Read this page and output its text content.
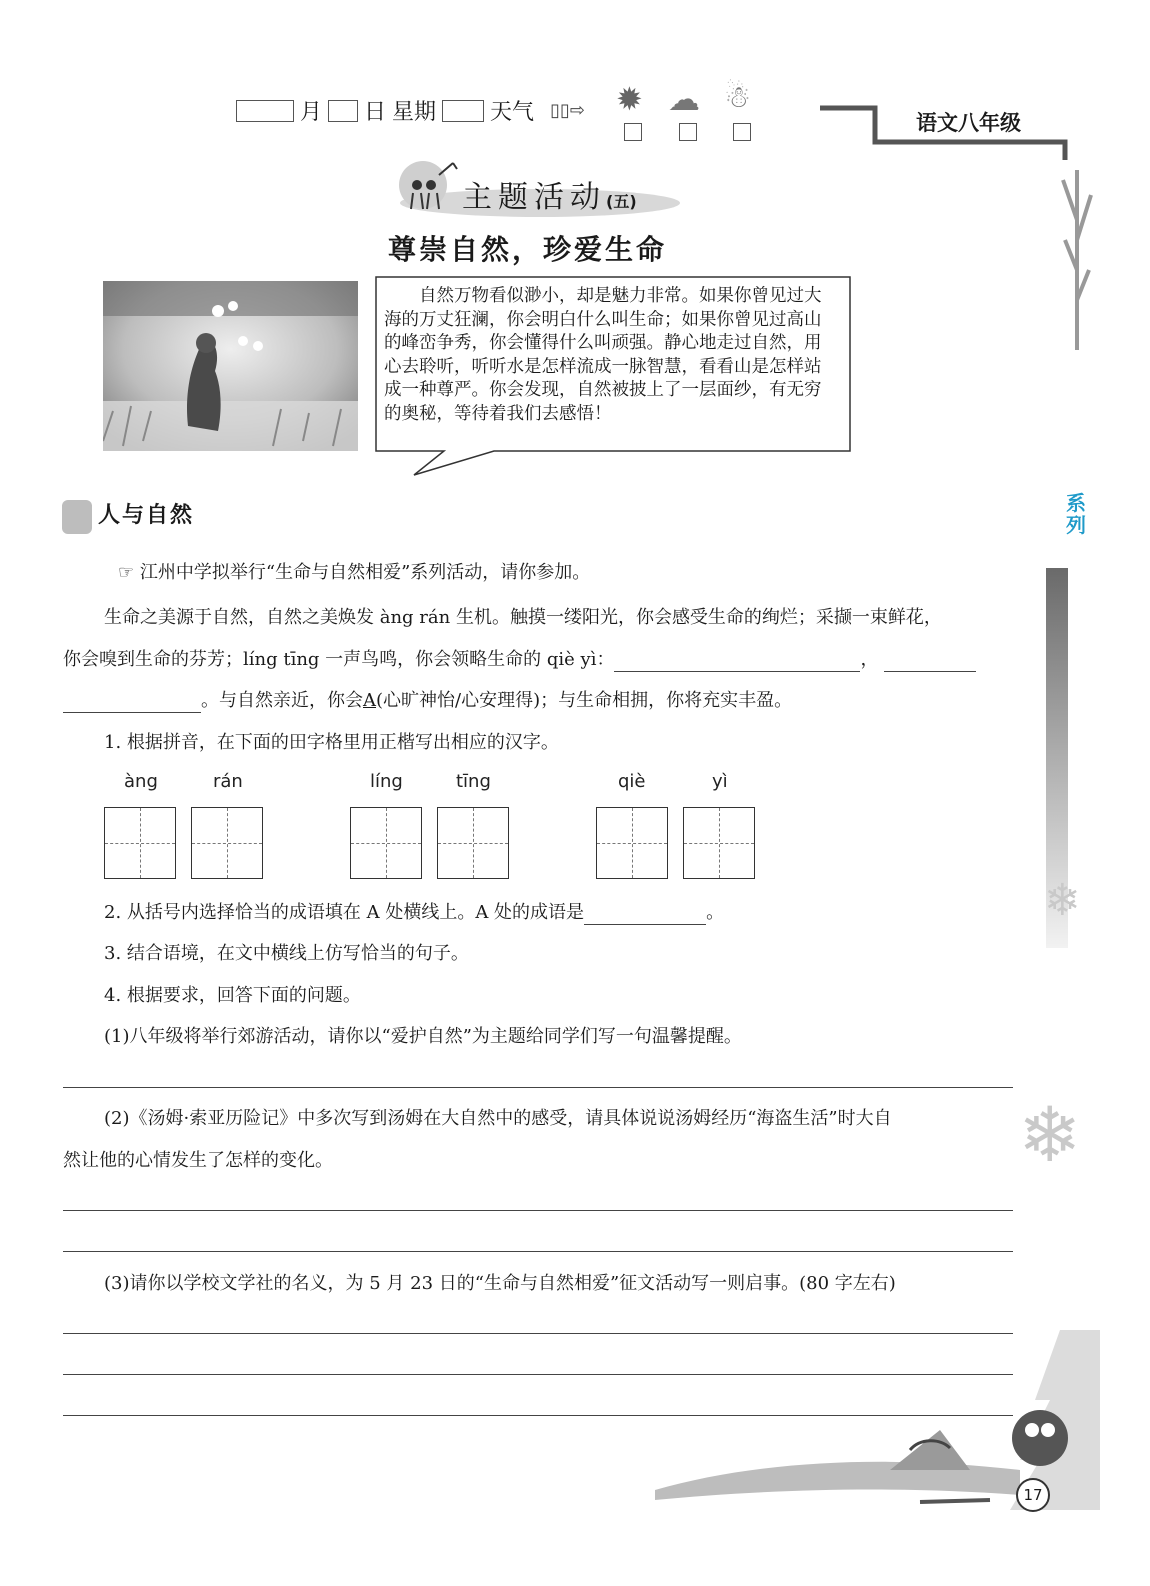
月 日 星期 天气 ▯▯⇨ ✹ ☁ ☃
语文八年级
主题活动(五)
尊崇自然，珍爱生命
自然万物看似渺小，却是魅力非常。如果你曾见过大海的万丈狂澜，你会明白什么叫生命；如果你曾见过高山的峰峦争秀，你会懂得什么叫顽强。静心地走过自然，用心去聆听，听听水是怎样流成一脉智慧，看看山是怎样站成一种尊严。你会发现，自然被披上了一层面纱，有无穷的奥秘，等待着我们去感悟！
人与自然	系列
❄
❄
☞ 江州中学拟举行“生命与自然相爱”系列活动，请你参加。
生命之美源于自然，自然之美焕发 àng rán 生机。触摸一缕阳光，你会感受生命的绚烂；采撷一束鲜花，
你会嗅到生命的芬芳；líng tīng 一声鸟鸣，你会领略生命的 qiè yì：	，
。与自然亲近，你会A(心旷神怡/心安理得)；与生命相拥，你将充实丰盈。
1. 根据拼音，在下面的田字格里用正楷写出相应的汉字。
àng	rán	líng	tīng	qiè	yì
2. 从括号内选择恰当的成语填在 A 处横线上。A 处的成语是	。
3. 结合语境，在文中横线上仿写恰当的句子。
4. 根据要求，回答下面的问题。
(1)八年级将举行郊游活动，请你以“爱护自然”为主题给同学们写一句温馨提醒。
(2)《汤姆·索亚历险记》中多次写到汤姆在大自然中的感受，请具体说说汤姆经历“海盗生活”时大自
然让他的心情发生了怎样的变化。
(3)请你以学校文学社的名义，为 5 月 23 日的“生命与自然相爱”征文活动写一则启事。(80 字左右)
17
